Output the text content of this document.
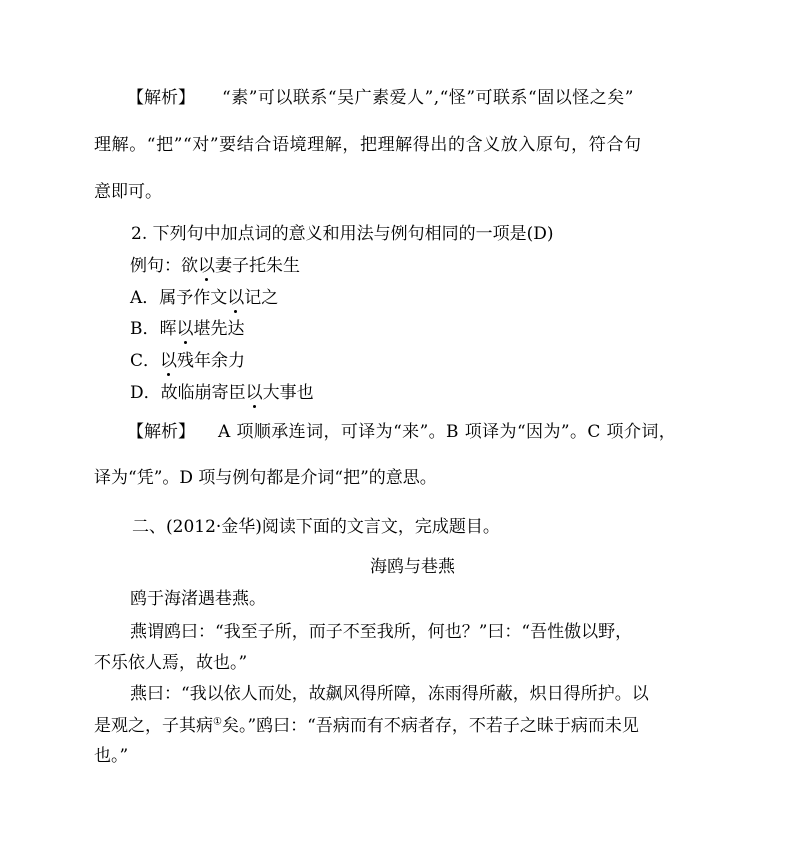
【解析】 “素”可以联系“吴广素爱人”,“怪”可联系“固以怪之矣”
理解。“把”“对”要结合语境理解，把理解得出的含义放入原句，符合句
意即可。
2. 下列句中加点词的意义和用法与例句相同的一项是(D)
例句：欲以妻子托朱生
A．属予作文以记之
B．晖以堪先达
C．以残年余力
D．故临崩寄臣以大事也
【解析】 A 项顺承连词，可译为“来”。B 项译为“因为”。C 项介词，
译为“凭”。D 项与例句都是介词“把”的意思。
二、(2012·金华)阅读下面的文言文，完成题目。
海鸥与巷燕
鸥于海渚遇巷燕。
燕谓鸥曰：“我至子所，而子不至我所，何也？”曰：“吾性傲以野，
不乐依人焉，故也。”
燕曰：“我以依人而处，故飙风得所障，冻雨得所蔽，炽日得所护。以
是观之，子其病①矣。”鸥曰：“吾病而有不病者存，不若子之昧于病而未见
也。”
